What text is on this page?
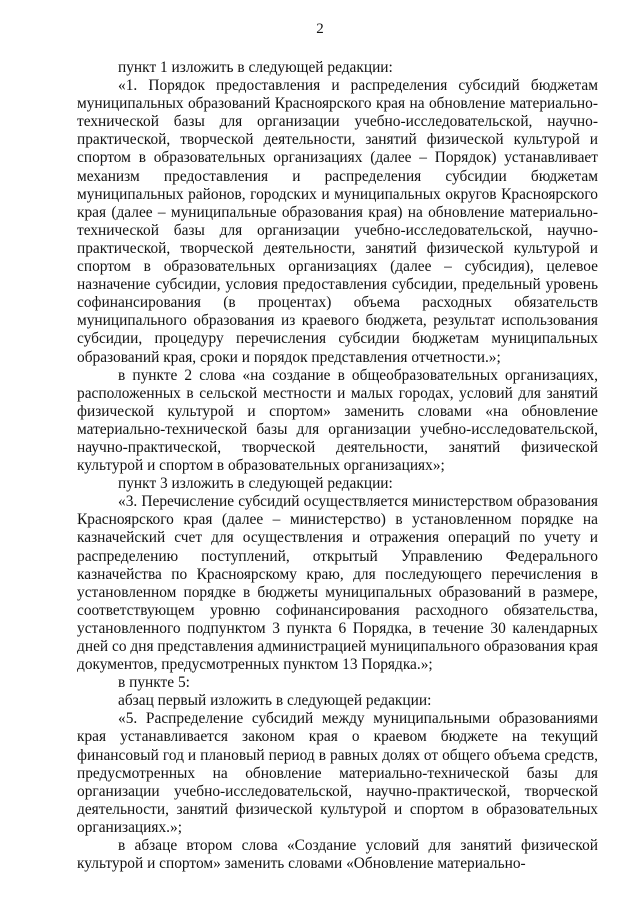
2

пункт 1 изложить в следующей редакции:

«1. Порядок предоставления и распределения субсидий бюджетам муниципальных образований Красноярского края на обновление материально-технической базы для организации учебно-исследовательской, научно-практической, творческой деятельности, занятий физической культурой и спортом в образовательных организациях (далее – Порядок) устанавливает механизм предоставления и распределения субсидии бюджетам муниципальных районов, городских и муниципальных округов Красноярского края (далее – муниципальные образования края) на обновление материально-технической базы для организации учебно-исследовательской, научно-практической, творческой деятельности, занятий физической культурой и спортом в образовательных организациях (далее – субсидия), целевое назначение субсидии, условия предоставления субсидии, предельный уровень софинансирования (в процентах) объема расходных обязательств муниципального образования из краевого бюджета, результат использования субсидии, процедуру перечисления субсидии бюджетам муниципальных образований края, сроки и порядок представления отчетности.»;

в пункте 2 слова «на создание в общеобразовательных организациях, расположенных в сельской местности и малых городах, условий для занятий физической культурой и спортом» заменить словами «на обновление материально-технической базы для организации учебно-исследовательской, научно-практической, творческой деятельности, занятий физической культурой и спортом в образовательных организациях»;

пункт 3 изложить в следующей редакции:

«3. Перечисление субсидий осуществляется министерством образования Красноярского края (далее – министерство) в установленном порядке на казначейский счет для осуществления и отражения операций по учету и распределению поступлений, открытый Управлению Федерального казначейства по Красноярскому краю, для последующего перечисления в установленном порядке в бюджеты муниципальных образований в размере, соответствующем уровню софинансирования расходного обязательства, установленного подпунктом 3 пункта 6 Порядка, в течение 30 календарных дней со дня представления администрацией муниципального образования края документов, предусмотренных пунктом 13 Порядка.»;

в пункте 5:

абзац первый изложить в следующей редакции:

«5. Распределение субсидий между муниципальными образованиями края устанавливается законом края о краевом бюджете на текущий финансовый год и плановый период в равных долях от общего объема средств, предусмотренных на обновление материально-технической базы для организации учебно-исследовательской, научно-практической, творческой деятельности, занятий физической культурой и спортом в образовательных организациях.»;

в абзаце втором слова «Создание условий для занятий физической культурой и спортом» заменить словами «Обновление материально-
